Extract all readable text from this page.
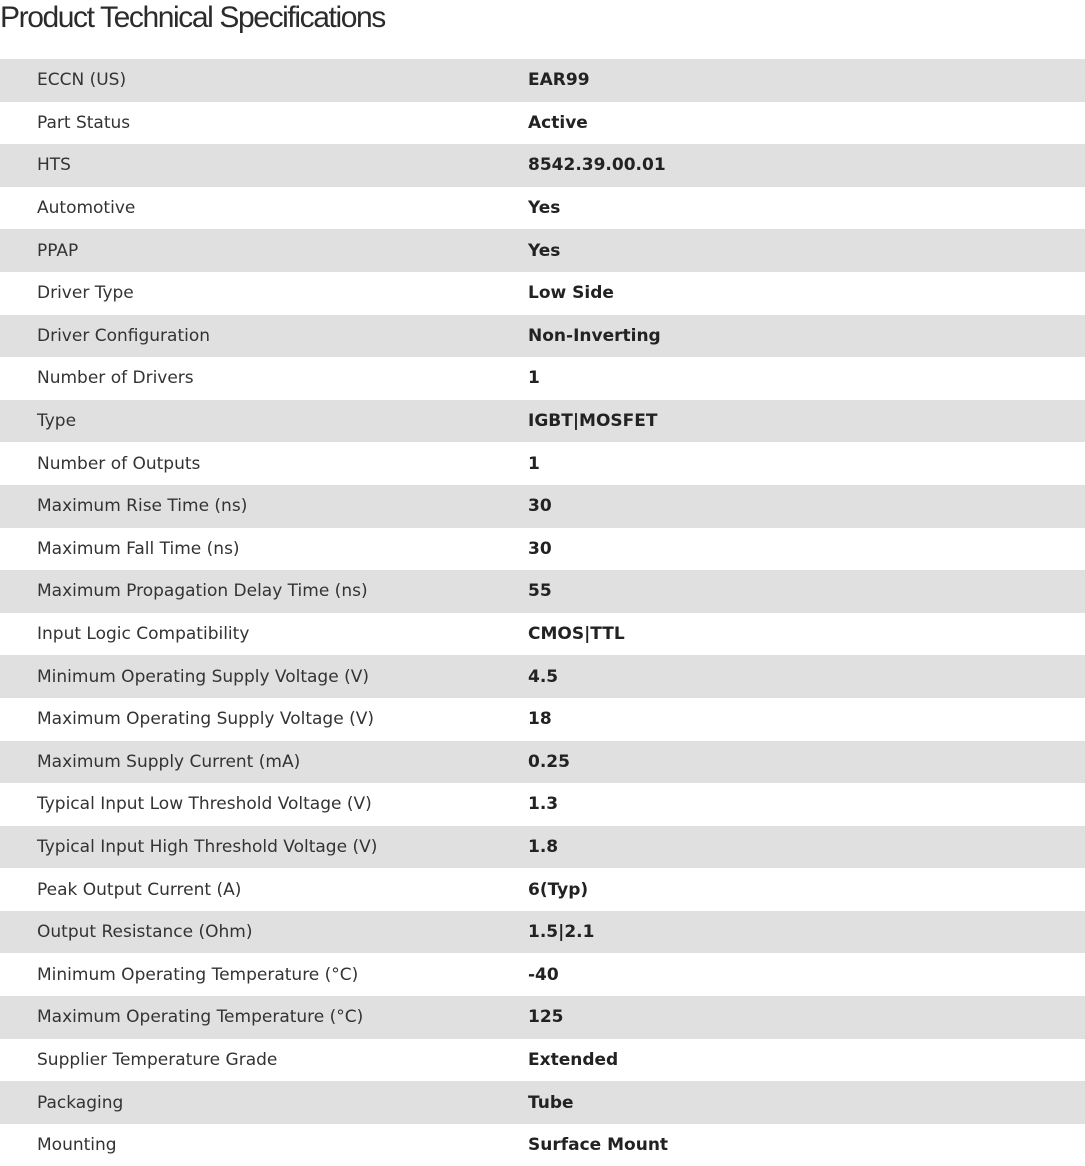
Product Technical Specifications
ECCN (US)	EAR99
Part Status	Active
HTS	8542.39.00.01
Automotive	Yes
PPAP	Yes
Driver Type	Low Side
Driver Configuration	Non-Inverting
Number of Drivers	1
Type	IGBT|MOSFET
Number of Outputs	1
Maximum Rise Time (ns)	30
Maximum Fall Time (ns)	30
Maximum Propagation Delay Time (ns)	55
Input Logic Compatibility	CMOS|TTL
Minimum Operating Supply Voltage (V)	4.5
Maximum Operating Supply Voltage (V)	18
Maximum Supply Current (mA)	0.25
Typical Input Low Threshold Voltage (V)	1.3
Typical Input High Threshold Voltage (V)	1.8
Peak Output Current (A)	6(Typ)
Output Resistance (Ohm)	1.5|2.1
Minimum Operating Temperature (°C)	-40
Maximum Operating Temperature (°C)	125
Supplier Temperature Grade	Extended
Packaging	Tube
Mounting	Surface Mount
